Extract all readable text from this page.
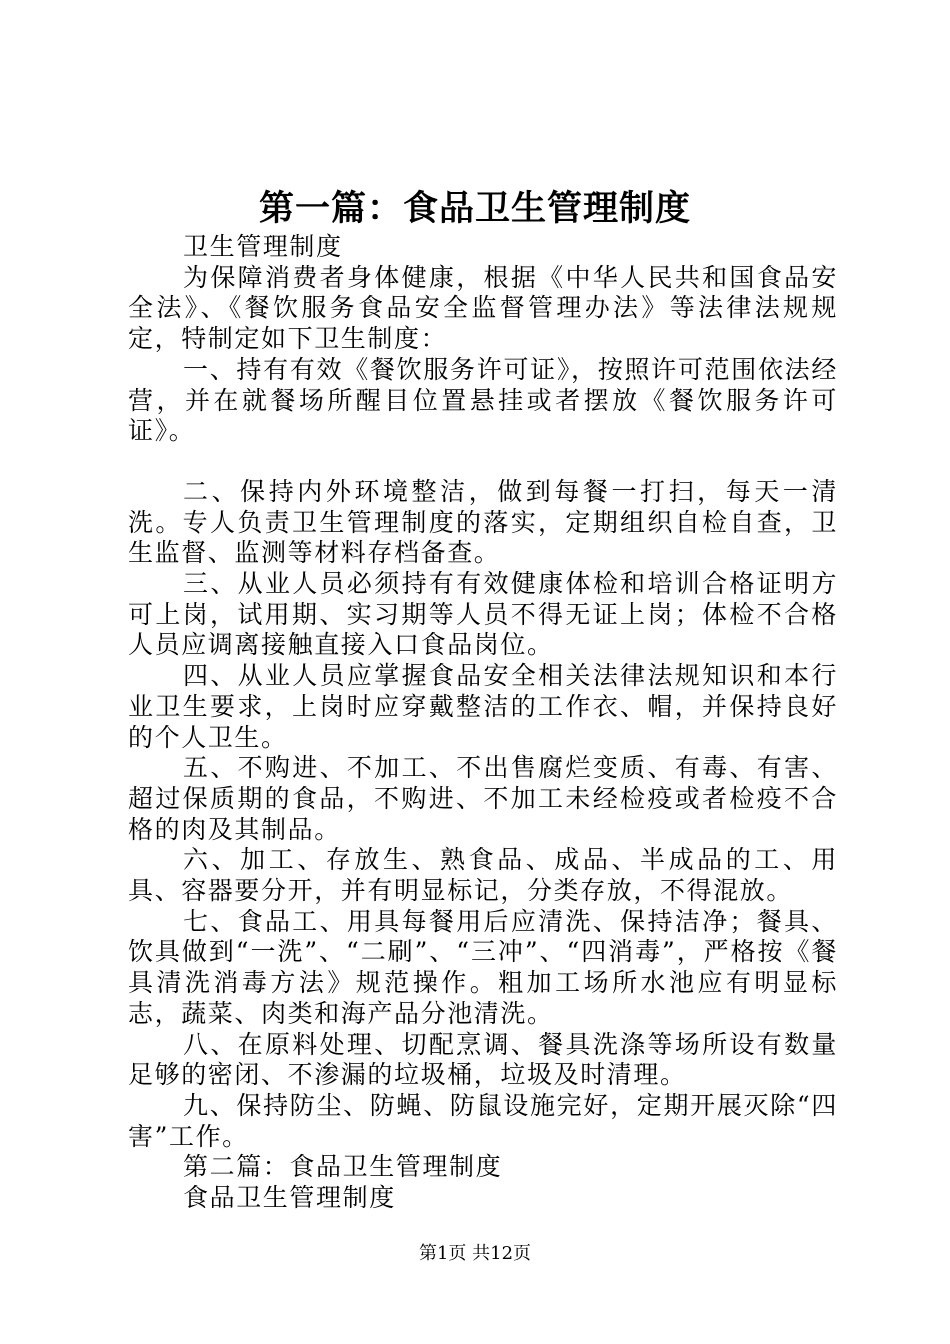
第一篇：食品卫生管理制度

卫生管理制度

为保障消费者身体健康，根据《中华人民共和国食品安全法》、《餐饮服务食品安全监督管理办法》等法律法规规定，特制定如下卫生制度：

一、持有有效《餐饮服务许可证》，按照许可范围依法经营，并在就餐场所醒目位置悬挂或者摆放《餐饮服务许可证》。

二、保持内外环境整洁，做到每餐一打扫，每天一清洗。专人负责卫生管理制度的落实，定期组织自检自查，卫生监督、监测等材料存档备查。

三、从业人员必须持有有效健康体检和培训合格证明方可上岗，试用期、实习期等人员不得无证上岗；体检不合格人员应调离接触直接入口食品岗位。

四、从业人员应掌握食品安全相关法律法规知识和本行业卫生要求，上岗时应穿戴整洁的工作衣、帽，并保持良好的个人卫生。

五、不购进、不加工、不出售腐烂变质、有毒、有害、超过保质期的食品，不购进、不加工未经检疫或者检疫不合格的肉及其制品。

六、加工、存放生、熟食品、成品、半成品的工、用具、容器要分开，并有明显标记，分类存放，不得混放。

七、食品工、用具每餐用后应清洗、保持洁净；餐具、饮具做到“一洗”、“二刷”、“三冲”、“四消毒”，严格按《餐具清洗消毒方法》规范操作。粗加工场所水池应有明显标志，蔬菜、肉类和海产品分池清洗。

八、在原料处理、切配烹调、餐具洗涤等场所设有数量足够的密闭、不渗漏的垃圾桶，垃圾及时清理。

九、保持防尘、防蝇、防鼠设施完好，定期开展灭除“四害”工作。

第二篇：食品卫生管理制度

食品卫生管理制度

第1页 共12页
